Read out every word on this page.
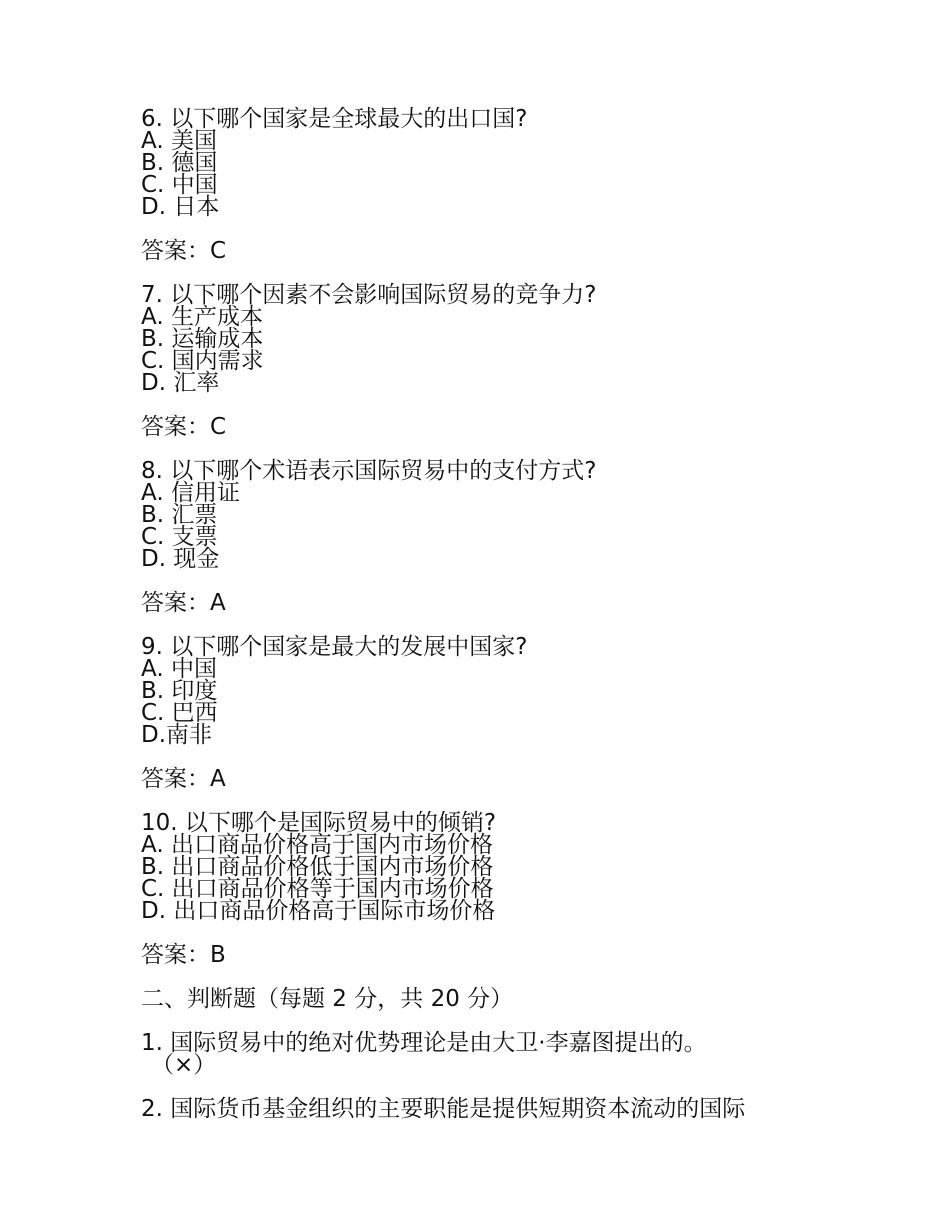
6. 以下哪个国家是全球最大的出口国?
A. 美国
B. 德国
C. 中国
D. 日本
答案：C
7. 以下哪个因素不会影响国际贸易的竞争力?
A. 生产成本
B. 运输成本
C. 国内需求
D. 汇率
答案：C
8. 以下哪个术语表示国际贸易中的支付方式?
A. 信用证
B. 汇票
C. 支票
D. 现金
答案：A
9. 以下哪个国家是最大的发展中国家?
A. 中国
B. 印度
C. 巴西
D.南非
答案：A
10. 以下哪个是国际贸易中的倾销?
A. 出口商品价格高于国内市场价格
B. 出口商品价格低于国内市场价格
C. 出口商品价格等于国内市场价格
D. 出口商品价格高于国际市场价格
答案：B
二、判断题（每题 2 分，共 20 分）
1. 国际贸易中的绝对优势理论是由大卫·李嘉图提出的。
（×）
2. 国际货币基金组织的主要职能是提供短期资本流动的国际
